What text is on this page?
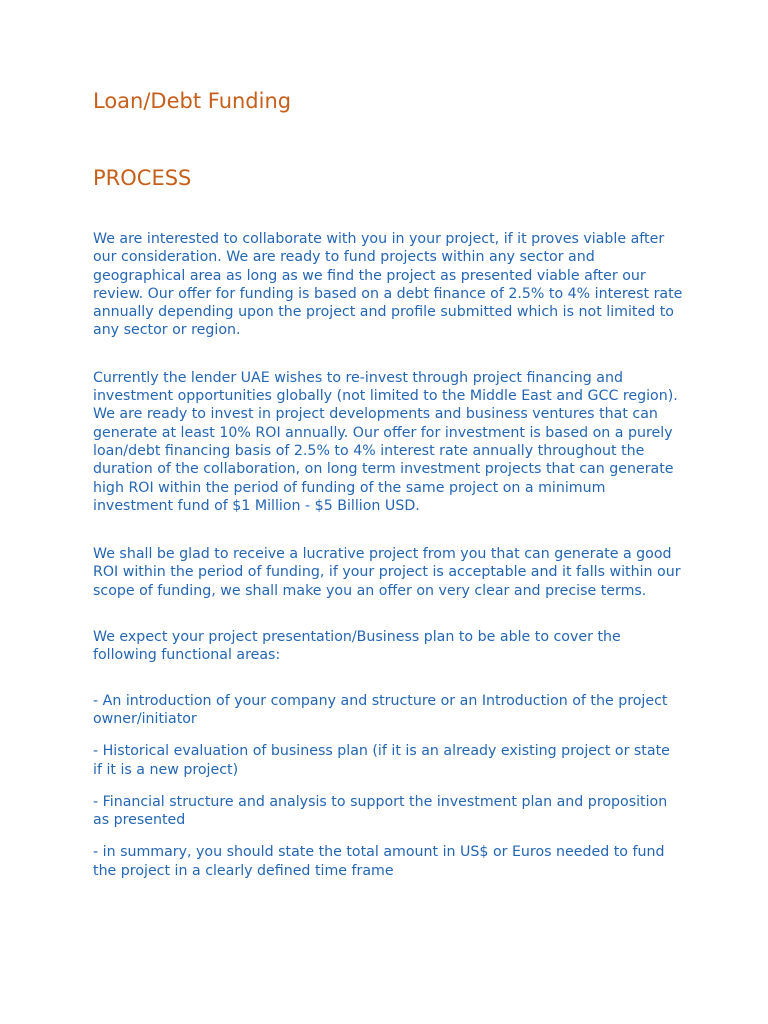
Loan/Debt Funding
PROCESS

We are interested to collaborate with you in your project, if it proves viable after our consideration. We are ready to fund projects within any sector and geographical area as long as we find the project as presented viable after our review. Our offer for funding is based on a debt finance of 2.5% to 4% interest rate annually depending upon the project and profile submitted which is not limited to any sector or region.

Currently the lender UAE wishes to re-invest through project financing and investment opportunities globally (not limited to the Middle East and GCC region). We are ready to invest in project developments and business ventures that can generate at least 10% ROI annually. Our offer for investment is based on a purely loan/debt financing basis of 2.5% to 4% interest rate annually throughout the duration of the collaboration, on long term investment projects that can generate high ROI within the period of funding of the same project on a minimum investment fund of $1 Million - $5 Billion USD.

We shall be glad to receive a lucrative project from you that can generate a good ROI within the period of funding, if your project is acceptable and it falls within our scope of funding, we shall make you an offer on very clear and precise terms.

We expect your project presentation/Business plan to be able to cover the following functional areas:

- An introduction of your company and structure or an Introduction of the project owner/initiator

- Historical evaluation of business plan (if it is an already existing project or state if it is a new project)

- Financial structure and analysis to support the investment plan and proposition as presented

- in summary, you should state the total amount in US$ or Euros needed to fund the project in a clearly defined time frame
